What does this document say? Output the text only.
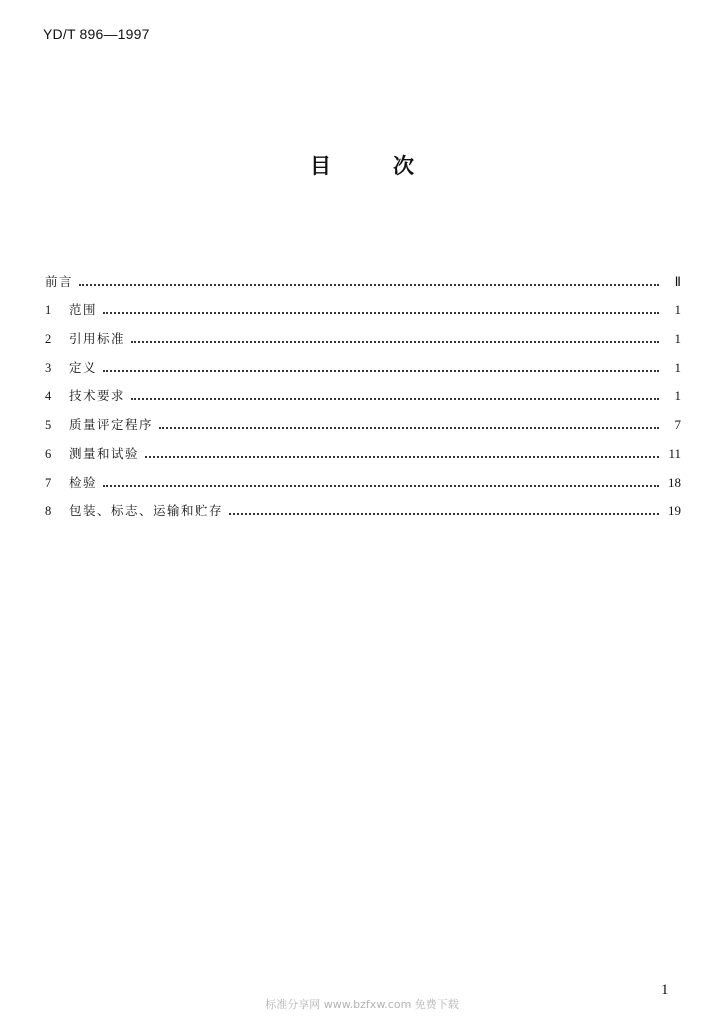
YD/T 896—1997
目	次
前言	Ⅱ
1	范围	1
2	引用标准	1
3	定义	1
4	技术要求	1
5	质量评定程序	7
6	测量和试验	11
7	检验	18
8	包装、标志、运输和贮存	19
1
标准分享网 www.bzfxw.com 免费下载
